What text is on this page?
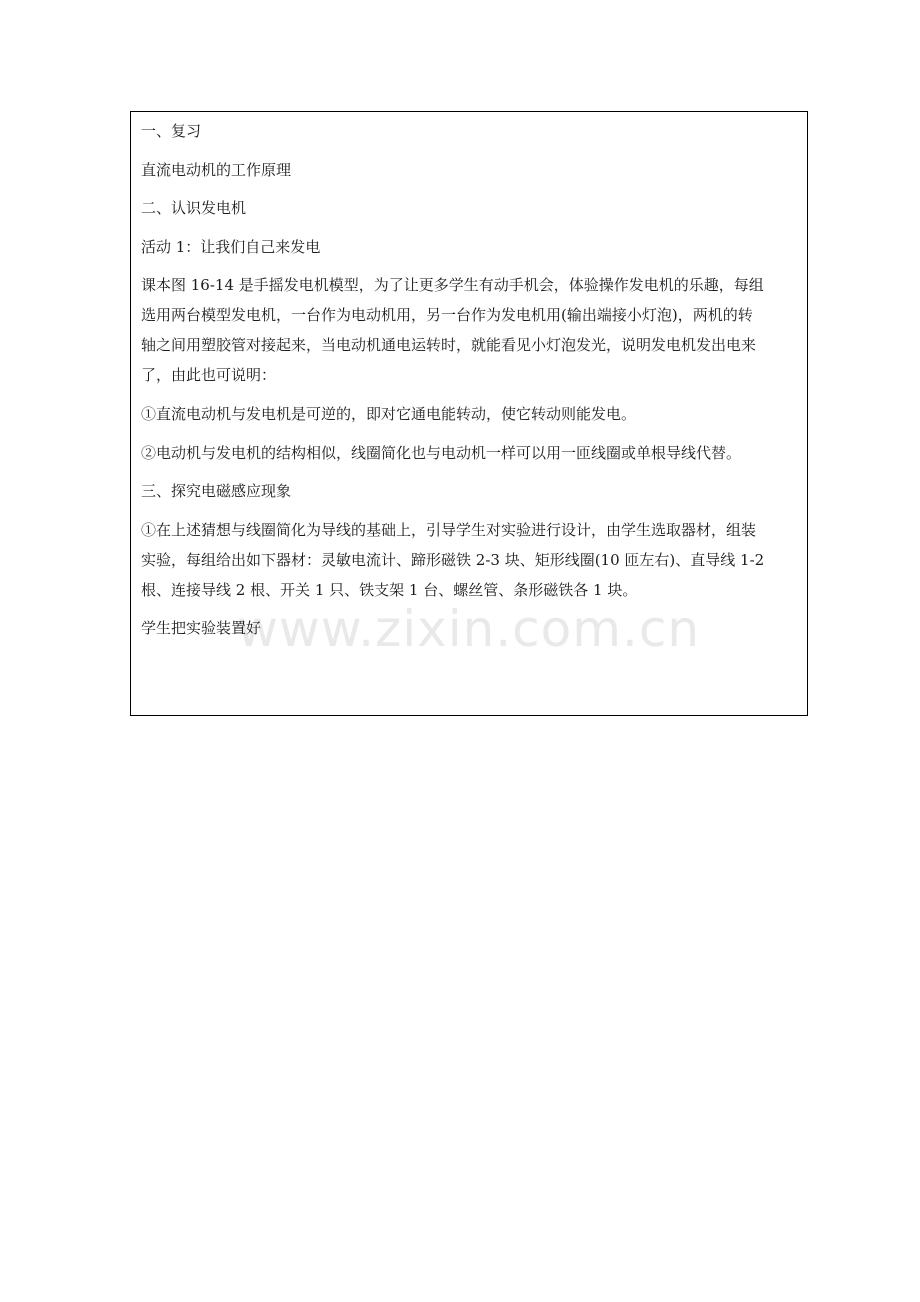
www.zixin.com.cn
一、复习
直流电动机的工作原理
二、认识发电机
活动 1：让我们自己来发电
课本图 16-14 是手摇发电机模型，为了让更多学生有动手机会，体验操作发电机的乐趣，每组
选用两台模型发电机，一台作为电动机用，另一台作为发电机用(输出端接小灯泡)，两机的转
轴之间用塑胶管对接起来，当电动机通电运转时，就能看见小灯泡发光，说明发电机发出电来
了，由此也可说明：
①直流电动机与发电机是可逆的，即对它通电能转动，使它转动则能发电。
②电动机与发电机的结构相似，线圈简化也与电动机一样可以用一匝线圈或单根导线代替。
三、探究电磁感应现象
①在上述猜想与线圈简化为导线的基础上，引导学生对实验进行设计，由学生选取器材，组装
实验，每组给出如下器材：灵敏电流计、蹄形磁铁 2-3 块、矩形线圈(10 匝左右)、直导线 1-2
根、连接导线 2 根、开关 1 只、铁支架 1 台、螺丝管、条形磁铁各 1 块。
学生把实验装置好
